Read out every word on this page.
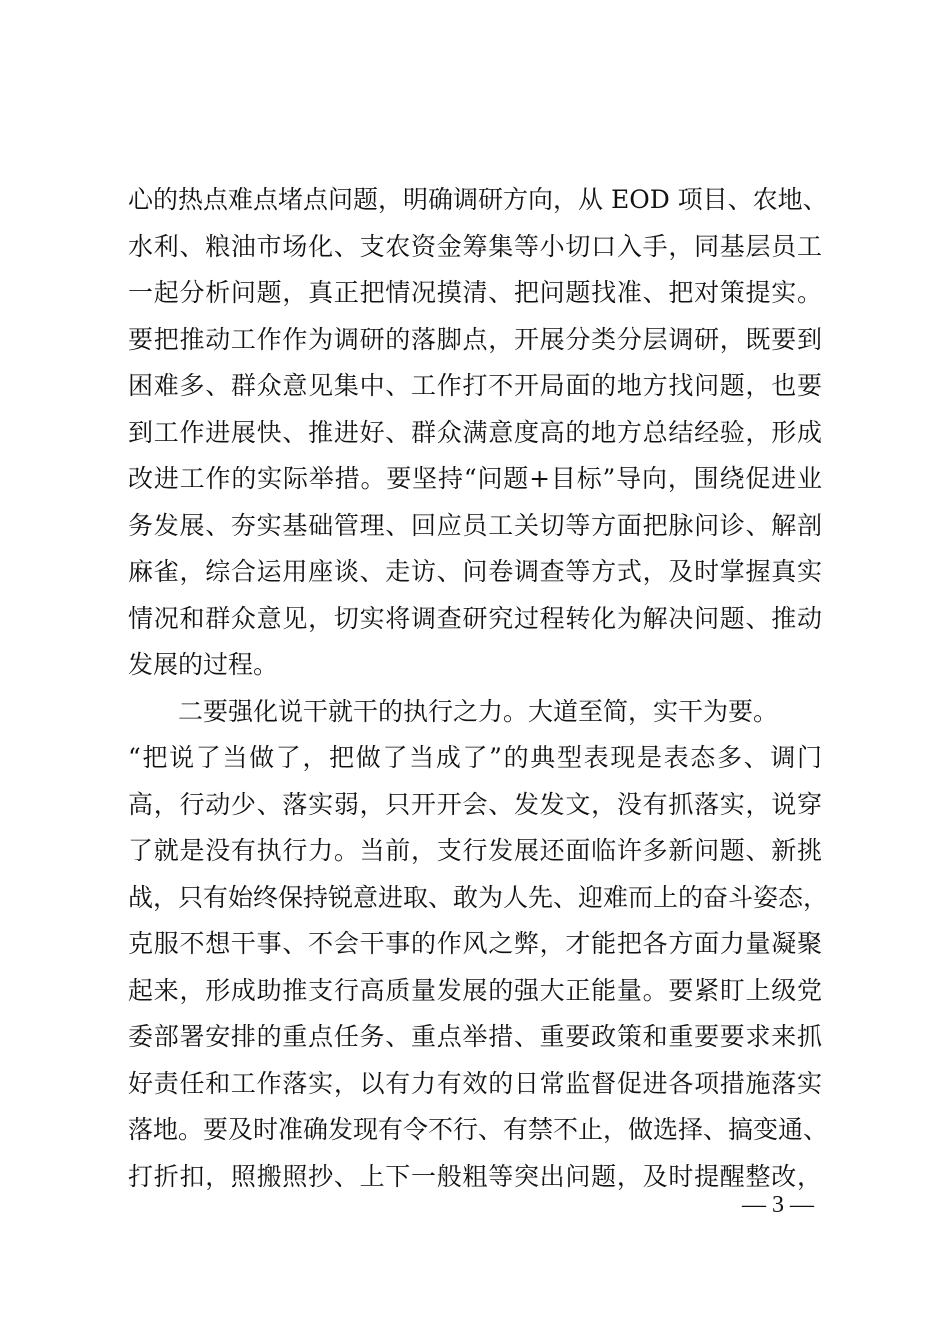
心的热点难点堵点问题，明确调研方向，从 EOD 项目、农地、
水利、粮油市场化、支农资金筹集等小切口入手，同基层员工
一起分析问题，真正把情况摸清、把问题找准、把对策提实。
要把推动工作作为调研的落脚点，开展分类分层调研，既要到
困难多、群众意见集中、工作打不开局面的地方找问题，也要
到工作进展快、推进好、群众满意度高的地方总结经验，形成
改进工作的实际举措。要坚持“问题+目标”导向，围绕促进业
务发展、夯实基础管理、回应员工关切等方面把脉问诊、解剖
麻雀，综合运用座谈、走访、问卷调查等方式，及时掌握真实
情况和群众意见，切实将调查研究过程转化为解决问题、推动
发展的过程。
二要强化说干就干的执行之力。大道至简，实干为要。
“把说了当做了，把做了当成了”的典型表现是表态多、调门
高，行动少、落实弱，只开开会、发发文，没有抓落实，说穿
了就是没有执行力。当前，支行发展还面临许多新问题、新挑
战，只有始终保持锐意进取、敢为人先、迎难而上的奋斗姿态，
克服不想干事、不会干事的作风之弊，才能把各方面力量凝聚
起来，形成助推支行高质量发展的强大正能量。要紧盯上级党
委部署安排的重点任务、重点举措、重要政策和重要要求来抓
好责任和工作落实，以有力有效的日常监督促进各项措施落实
落地。要及时准确发现有令不行、有禁不止，做选择、搞变通、
打折扣，照搬照抄、上下一般粗等突出问题，及时提醒整改，
— 3 —
